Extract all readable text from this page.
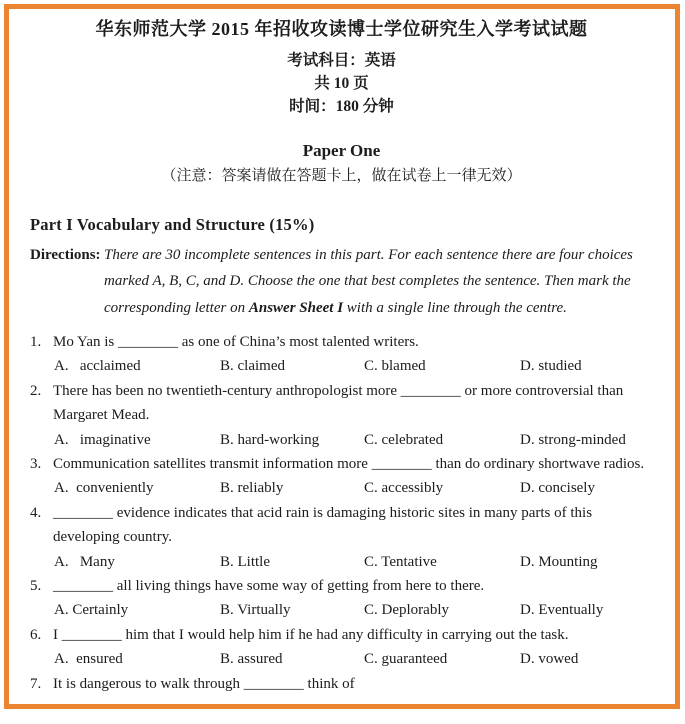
华东师范大学 2015 年招收攻读博士学位研究生入学考试试题
考试科目：英语
共 10 页
时间：180 分钟
Paper One
（注意：答案请做在答题卡上，做在试卷上一律无效）
Part I Vocabulary and Structure (15%)
Directions: There are 30 incomplete sentences in this part. For each sentence there are four choices marked A, B, C, and D. Choose the one that best completes the sentence. Then mark the corresponding letter on Answer Sheet I with a single line through the centre.
1. Mo Yan is ________ as one of China’s most talented writers.
A.   acclaimed	B. claimed	C. blamed	D. studied
2. There has been no twentieth-century anthropologist more ________ or more controversial than Margaret Mead.
A.   imaginative	B. hard-working	C. celebrated	D. strong-minded
3. Communication satellites transmit information more ________ than do ordinary shortwave radios.
A.  conveniently	B. reliably	C. accessibly	D. concisely
4. ________ evidence indicates that acid rain is damaging historic sites in many parts of this developing country.
A.   Many	B. Little	C. Tentative	D. Mounting
5. ________ all living things have some way of getting from here to there.
A. Certainly	B. Virtually	C. Deplorably	D. Eventually
6. I ________ him that I would help him if he had any difficulty in carrying out the task.
A.  ensured	B. assured	C. guaranteed	D. vowed
7. It is dangerous to walk through ________ think of
